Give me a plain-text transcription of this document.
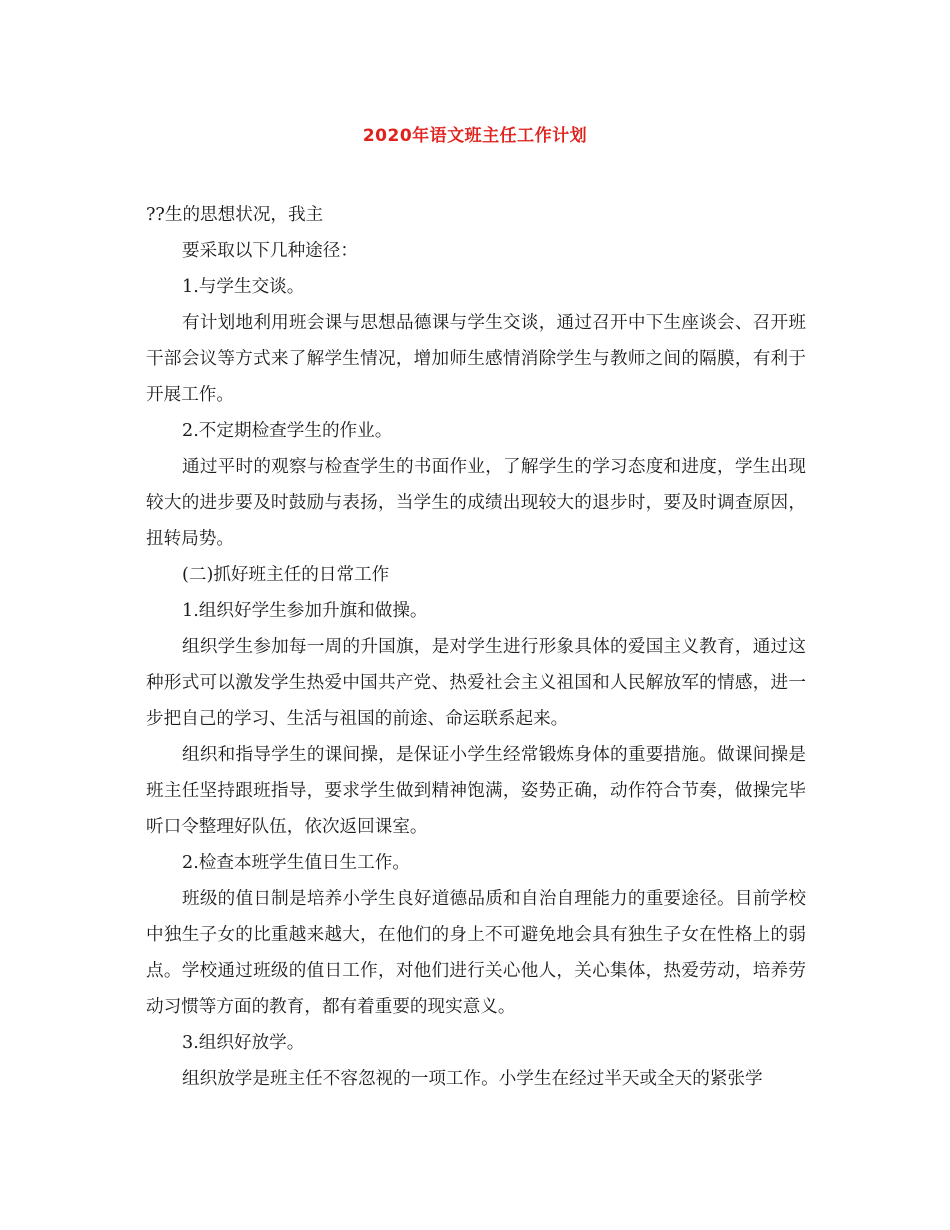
2020年语文班主任工作计划

??生的思想状况，我主

要采取以下几种途径：

1.与学生交谈。

有计划地利用班会课与思想品德课与学生交谈，通过召开中下生座谈会、召开班干部会议等方式来了解学生情况，增加师生感情消除学生与教师之间的隔膜，有利于开展工作。

2.不定期检查学生的作业。

通过平时的观察与检查学生的书面作业，了解学生的学习态度和进度，学生出现较大的进步要及时鼓励与表扬，当学生的成绩出现较大的退步时，要及时调查原因，扭转局势。

(二)抓好班主任的日常工作

1.组织好学生参加升旗和做操。

组织学生参加每一周的升国旗，是对学生进行形象具体的爱国主义教育，通过这种形式可以激发学生热爱中国共产党、热爱社会主义祖国和人民解放军的情感，进一步把自己的学习、生活与祖国的前途、命运联系起来。

组织和指导学生的课间操，是保证小学生经常锻炼身体的重要措施。做课间操是班主任坚持跟班指导，要求学生做到精神饱满，姿势正确，动作符合节奏，做操完毕听口令整理好队伍，依次返回课室。

2.检查本班学生值日生工作。

班级的值日制是培养小学生良好道德品质和自治自理能力的重要途径。目前学校中独生子女的比重越来越大，在他们的身上不可避免地会具有独生子女在性格上的弱点。学校通过班级的值日工作，对他们进行关心他人，关心集体，热爱劳动，培养劳动习惯等方面的教育，都有着重要的现实意义。

3.组织好放学。

组织放学是班主任不容忽视的一项工作。小学生在经过半天或全天的紧张学
